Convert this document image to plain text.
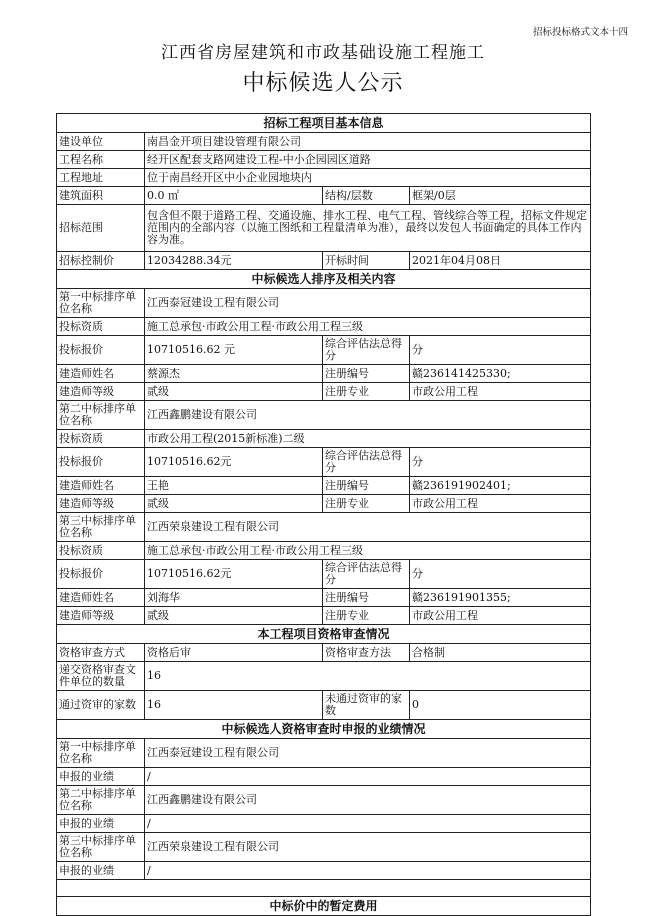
招标投标格式文本十四
江西省房屋建筑和市政基础设施工程施工
中标候选人公示
招标工程项目基本信息			
建设单位	南昌金开项目建设管理有限公司		
工程名称	经开区配套支路网建设工程-中小企园园区道路		
工程地址	位于南昌经开区中小企业园地块内		
建筑面积	0.0 ㎡	结构/层数	框架/0层
招标范围	包含但不限于道路工程、交通设施、排水工程、电气工程、管线综合等工程，招标文件规定范围内的全部内容（以施工图纸和工程量清单为准），最终以发包人书面确定的具体工作内容为准。		
招标控制价	12034288.34元	开标时间	2021年04月08日
中标候选人排序及相关内容			
第一中标排序单位名称	江西泰冠建设工程有限公司		
投标资质	施工总承包·市政公用工程·市政公用工程三级		
投标报价	10710516.62 元	综合评估法总得分	分
建造师姓名	蔡源杰	注册编号	赣236141425330;
建造师等级	贰级	注册专业	市政公用工程
第二中标排序单位名称	江西鑫鹏建设有限公司		
投标资质	市政公用工程(2015新标准)二级		
投标报价	10710516.62元	综合评估法总得分	分
建造师姓名	王艳	注册编号	赣236191902401;
建造师等级	贰级	注册专业	市政公用工程
第三中标排序单位名称	江西荣泉建设工程有限公司		
投标资质	施工总承包·市政公用工程·市政公用工程三级		
投标报价	10710516.62元	综合评估法总得分	分
建造师姓名	刘海华	注册编号	赣236191901355;
建造师等级	贰级	注册专业	市政公用工程
本工程项目资格审查情况			
资格审查方式	资格后审	资格审查方法	合格制
递交资格审查文件单位的数量	16		
通过资审的家数	16	未通过资审的家数	0
中标候选人资格审查时申报的业绩情况			
第一中标排序单位名称	江西泰冠建设工程有限公司		
申报的业绩	/		
第二中标排序单位名称	江西鑫鹏建设有限公司		
申报的业绩	/		
第三中标排序单位名称	江西荣泉建设工程有限公司		
申报的业绩	/		

中标价中的暂定费用			
